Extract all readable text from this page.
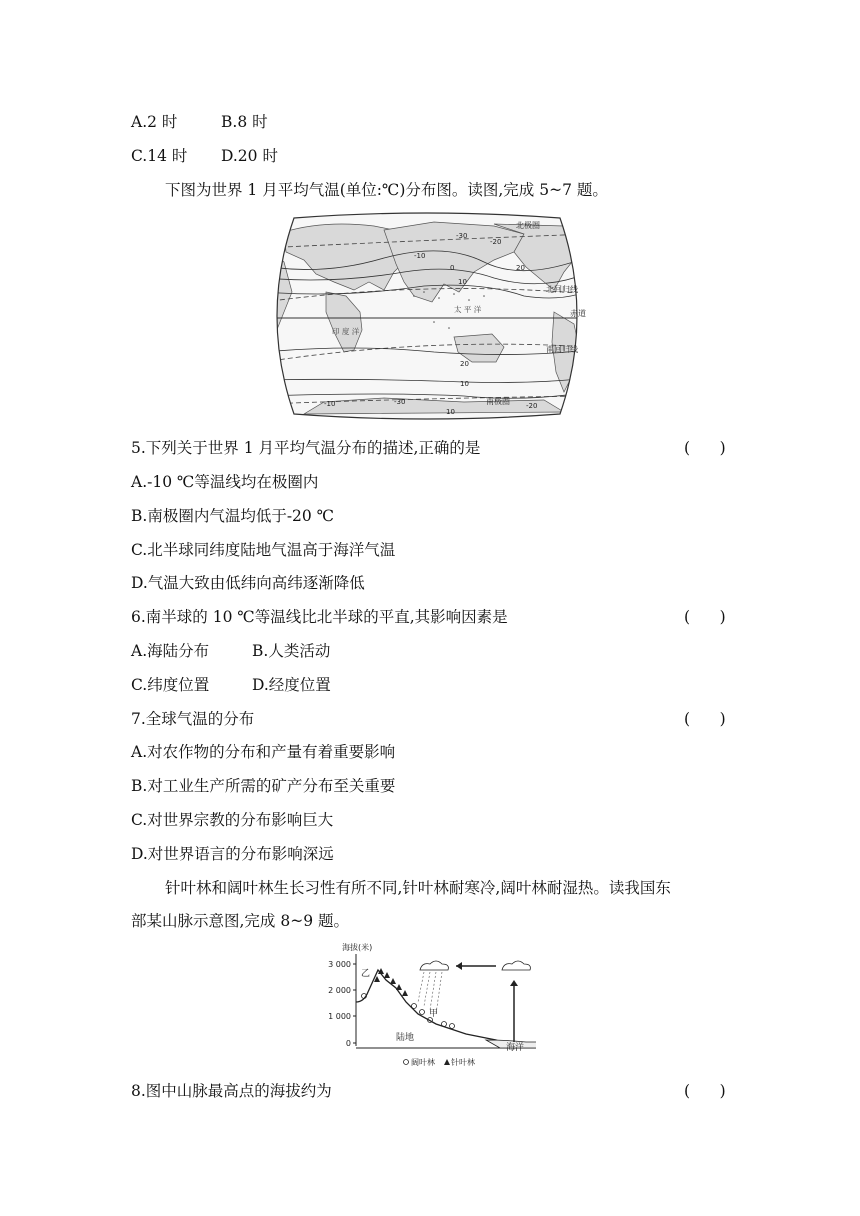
A.2 时	B.8 时
C.14 时 D.20 时
下图为世界 1 月平均气温(单位:℃)分布图。读图,完成 5~7 题。
-30
-20
-10
0
10
20
20
10
-10	-30	-20
10
印 度 洋
太 平 洋
北极圈
北回归线
赤道
南回归线
南极圈
5.下列关于世界 1 月平均气温分布的描述,正确的是	(      )
A.-10 ℃等温线均在极圈内
B.南极圈内气温均低于-20 ℃
C.北半球同纬度陆地气温高于海洋气温
D.气温大致由低纬向高纬逐渐降低
6.南半球的 10 ℃等温线比北半球的平直,其影响因素是	(      )
A.海陆分布	B.人类活动
C.纬度位置	D.经度位置
7.全球气温的分布	(      )
A.对农作物的分布和产量有着重要影响
B.对工业生产所需的矿产分布至关重要
C.对世界宗教的分布影响巨大
D.对世界语言的分布影响深远
针叶林和阔叶林生长习性有所不同,针叶林耐寒冷,阔叶林耐湿热。读我国东
部某山脉示意图,完成 8~9 题。
海拔(米)
3 000
2 000
1 000
0	海洋
陆地
甲
乙
阔叶林 针叶林
8.图中山脉最高点的海拔约为	(      )
